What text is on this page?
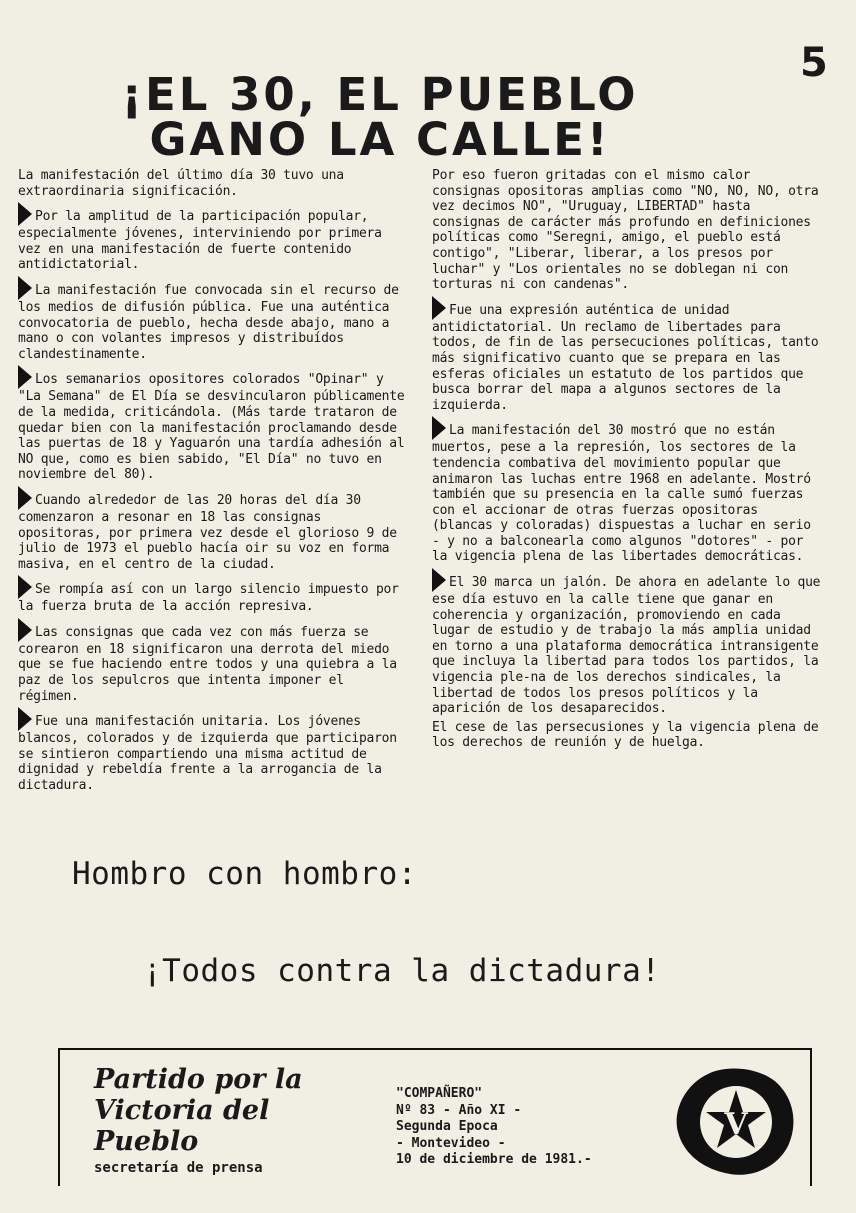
5
¡EL 30, EL PUEBLO
GANO LA CALLE!

La manifestación del último día 30 tuvo una extraordinaria significación.

Por la amplitud de la participación popular, especialmente jóvenes, interviniendo por primera vez en una manifestación de fuerte contenido antidictatorial.

La manifestación fue convocada sin el recurso de los medios de difusión pública. Fue una auténtica convocatoria de pueblo, hecha desde abajo, mano a mano o con volantes impresos y distribuídos clandestinamente.

Los semanarios opositores colorados "Opinar" y "La Semana" de El Día se desvincularon públicamente de la medida, criticándola. (Más tarde trataron de quedar bien con la manifestación proclamando desde las puertas de 18 y Yaguarón una tardía adhesión al NO que, como es bien sabido, "El Día" no tuvo en noviembre del 80).

Cuando alrededor de las 20 horas del día 30 comenzaron a resonar en 18 las consignas opositoras, por primera vez desde el glorioso 9 de julio de 1973 el pueblo hacía oir su voz en forma masiva, en el centro de la ciudad.

Se rompía así con un largo silencio impuesto por la fuerza bruta de la acción represiva.

Las consignas que cada vez con más fuerza se corearon en 18 significaron una derrota del miedo que se fue haciendo entre todos y una quiebra a la paz de los sepulcros que intenta imponer el régimen.

Fue una manifestación unitaria. Los jóvenes blancos, colorados y de izquierda que participaron se sintieron compartiendo una misma actitud de dignidad y rebeldía frente a la arrogancia de la dictadura.

Por eso fueron gritadas con el mismo calor consignas opositoras amplias como "NO, NO, NO, otra vez decimos NO", "Uruguay, LIBERTAD" hasta consignas de carácter más profundo en definiciones políticas como "Seregni, amigo, el pueblo está contigo", "Liberar, liberar, a los presos por luchar" y "Los orientales no se doblegan ni con torturas ni con candenas".

Fue una expresión auténtica de unidad antidictatorial. Un reclamo de libertades para todos, de fin de las persecuciones políticas, tanto más significativo cuanto que se prepara en las esferas oficiales un estatuto de los partidos que busca borrar del mapa a algunos sectores de la izquierda.

La manifestación del 30 mostró que no están muertos, pese a la represión, los sectores de la tendencia combativa del movimiento popular que animaron las luchas entre 1968 en adelante. Mostró también que su presencia en la calle sumó fuerzas con el accionar de otras fuerzas opositoras (blancas y coloradas) dispuestas a luchar en serio - y no a balconearla como algunos "dotores" - por la vigencia plena de las libertades democráticas.

El 30 marca un jalón. De ahora en adelante lo que ese día estuvo en la calle tiene que ganar en coherencia y organización, promoviendo en cada lugar de estudio y de trabajo la más amplia unidad en torno a una plataforma democrática intransigente que incluya la libertad para todos los partidos, la vigencia ple-na de los derechos sindicales, la libertad de todos los presos políticos y la aparición de los desaparecidos.

El cese de las persecusiones y la vigencia plena de los derechos de reunión y de huelga.

Hombro con hombro:
¡Todos contra la dictadura!
Partido por la
Victoria del
Pueblo
secretaría de prensa
"COMPAÑERO"
Nº 83 - Año XI -
Segunda Epoca
- Montevideo -
10 de diciembre de 1981.-
V
